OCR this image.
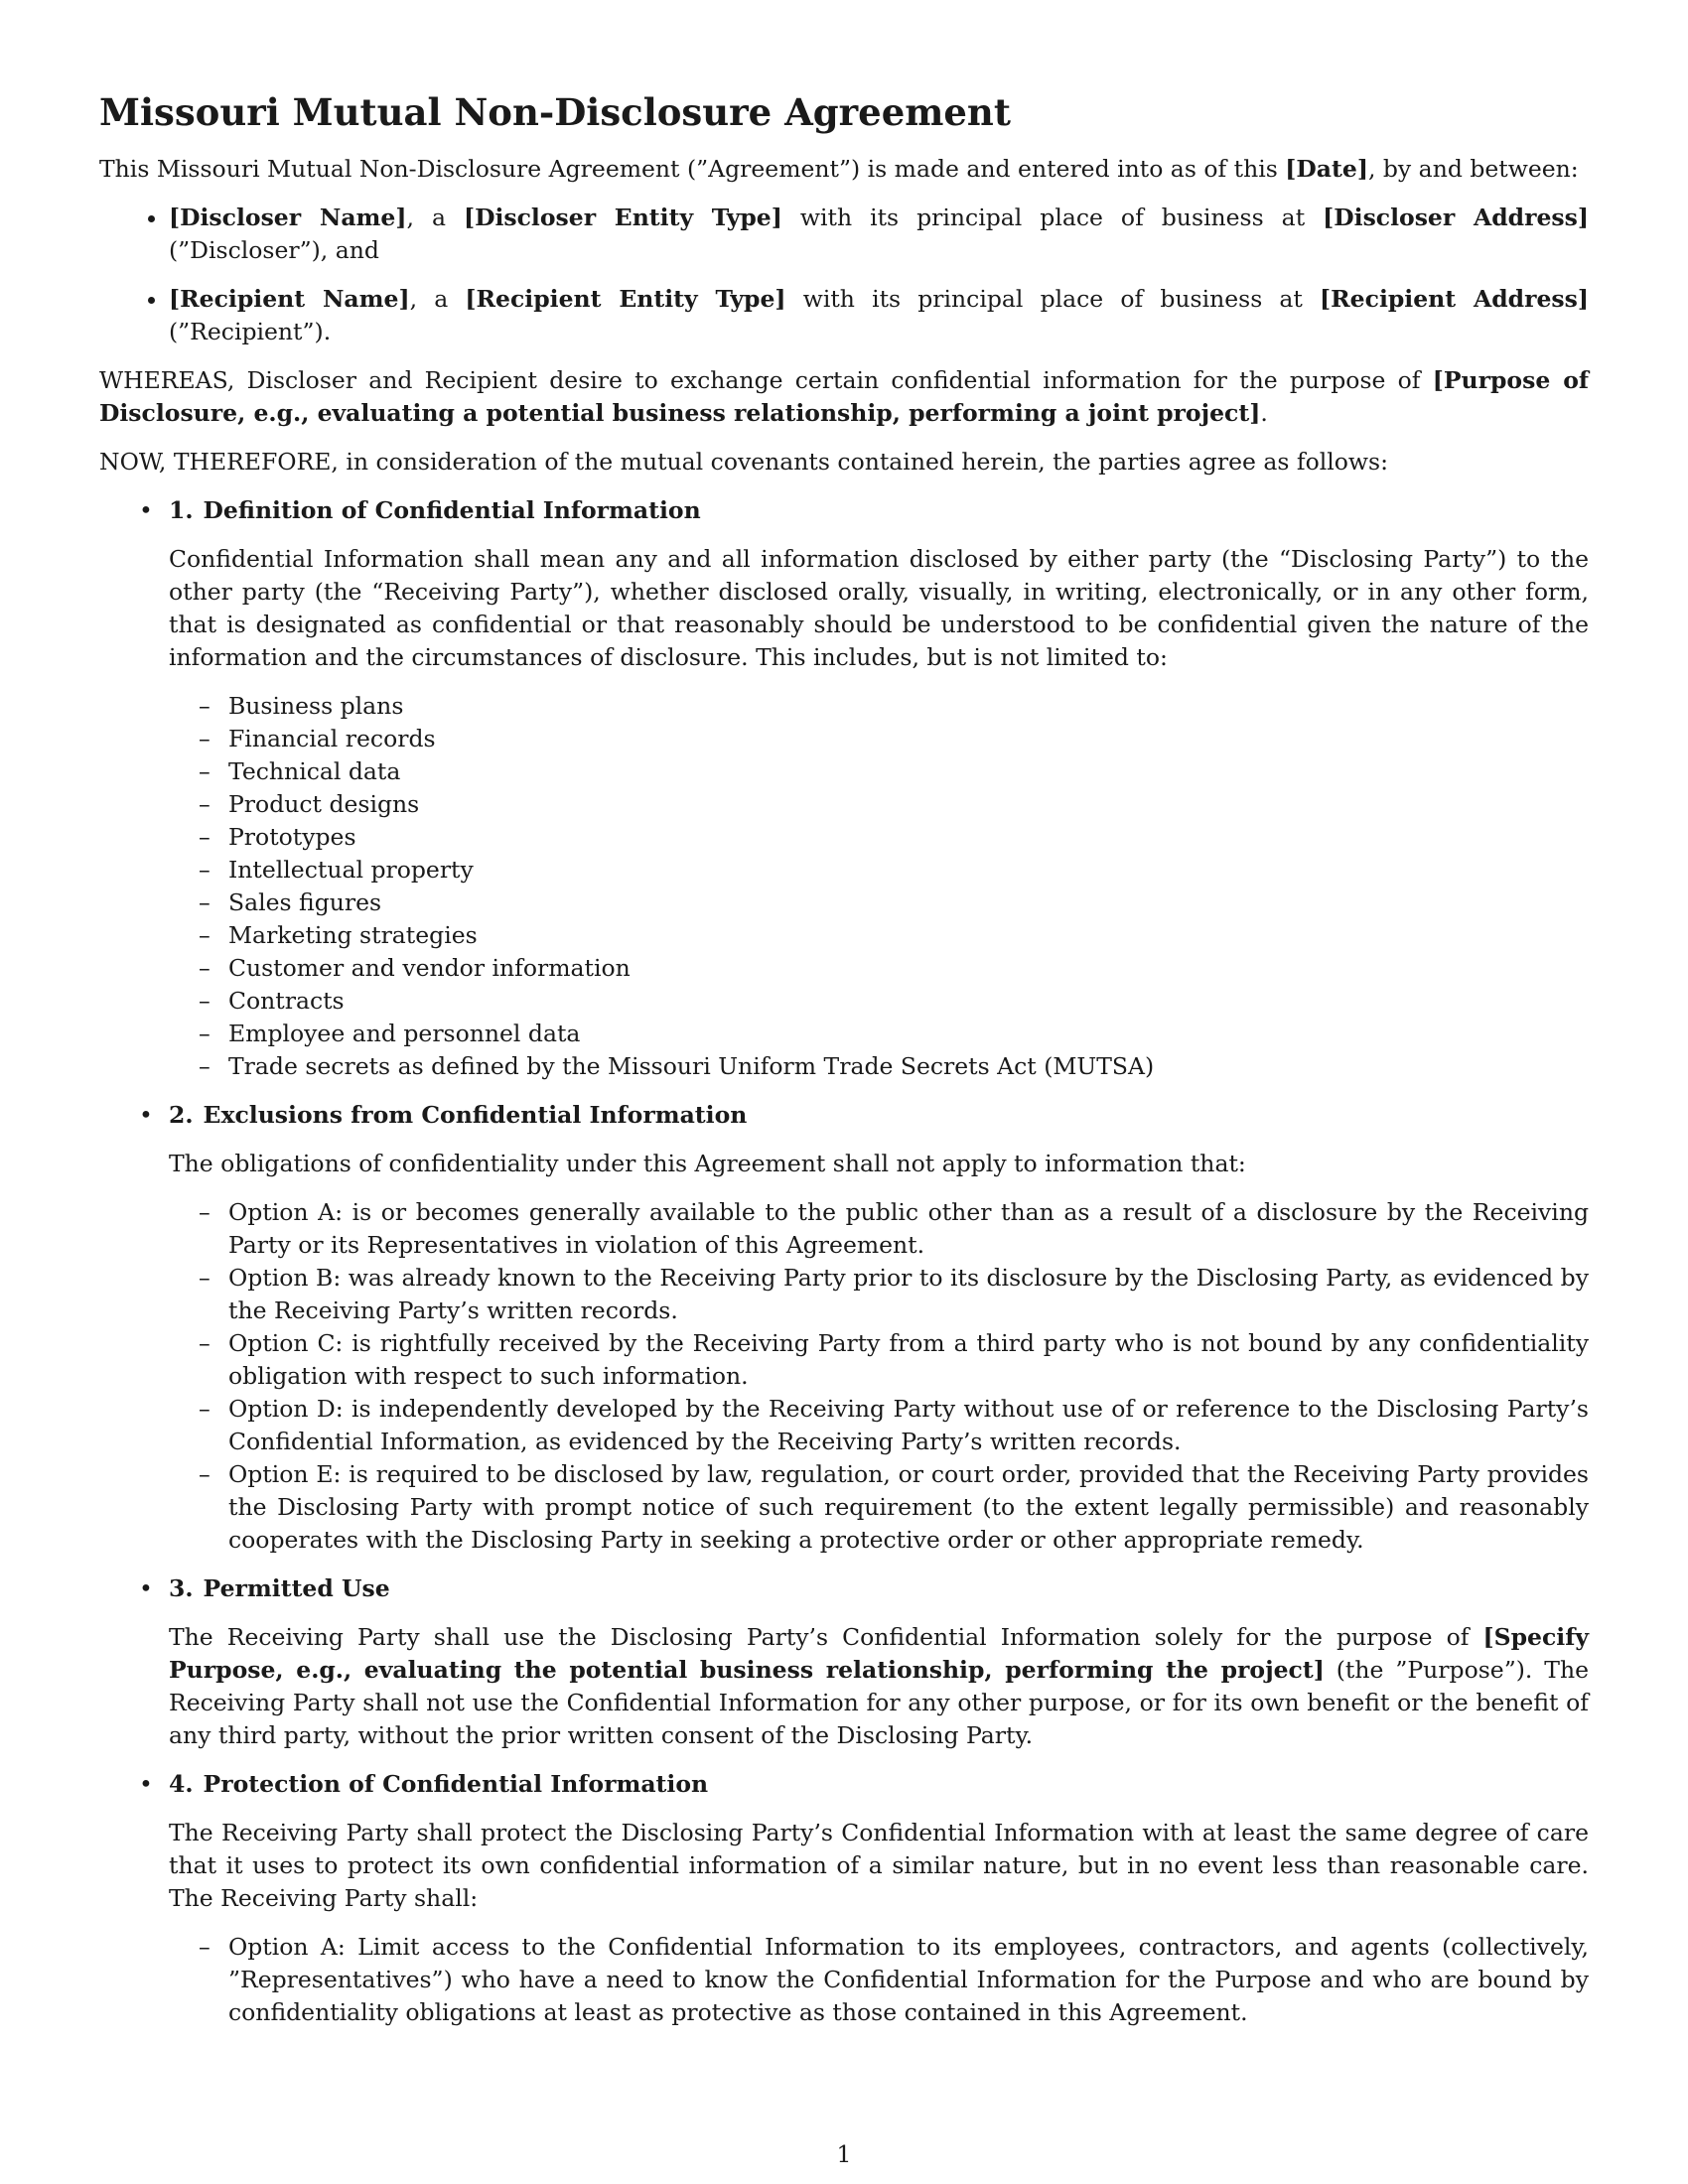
Missouri Mutual Non-Disclosure Agreement

This Missouri Mutual Non-Disclosure Agreement (”Agreement”) is made and entered into as of this [Date], by and between:

• [Discloser Name], a [Discloser Entity Type] with its principal place of business at [Discloser Address] (”Discloser”), and
• [Recipient Name], a [Recipient Entity Type] with its principal place of business at [Recipient Address] (”Recipient”).

WHEREAS, Discloser and Recipient desire to exchange certain confidential information for the purpose of [Purpose of Disclosure, e.g., evaluating a potential business relationship, performing a joint project].

NOW, THEREFORE, in consideration of the mutual covenants contained herein, the parties agree as follows:

• 1. Definition of Confidential Information

Confidential Information shall mean any and all information disclosed by either party (the “Disclosing Party”) to the other party (the “Receiving Party”), whether disclosed orally, visually, in writing, electronically, or in any other form, that is designated as confidential or that reasonably should be understood to be confidential given the nature of the information and the circumstances of disclosure. This includes, but is not limited to:

– Business plans
– Financial records
– Technical data
– Product designs
– Prototypes
– Intellectual property
– Sales figures
– Marketing strategies
– Customer and vendor information
– Contracts
– Employee and personnel data
– Trade secrets as defined by the Missouri Uniform Trade Secrets Act (MUTSA)
• 2. Exclusions from Confidential Information

The obligations of confidentiality under this Agreement shall not apply to information that:

– Option A: is or becomes generally available to the public other than as a result of a disclosure by the Receiving Party or its Representatives in violation of this Agreement.
– Option B: was already known to the Receiving Party prior to its disclosure by the Disclosing Party, as evidenced by the Receiving Party’s written records.
– Option C: is rightfully received by the Receiving Party from a third party who is not bound by any confidentiality obligation with respect to such information.
– Option D: is independently developed by the Receiving Party without use of or reference to the Disclosing Party’s Confidential Information, as evidenced by the Receiving Party’s written records.
– Option E: is required to be disclosed by law, regulation, or court order, provided that the Receiving Party provides the Disclosing Party with prompt notice of such requirement (to the extent legally permissible) and reasonably cooperates with the Disclosing Party in seeking a protective order or other appropriate remedy.
• 3. Permitted Use

The Receiving Party shall use the Disclosing Party’s Confidential Information solely for the purpose of [Specify Purpose, e.g., evaluating the potential business relationship, performing the project] (the ”Purpose”). The Receiving Party shall not use the Confidential Information for any other purpose, or for its own benefit or the benefit of any third party, without the prior written consent of the Disclosing Party.

• 4. Protection of Confidential Information

The Receiving Party shall protect the Disclosing Party’s Confidential Information with at least the same degree of care that it uses to protect its own confidential information of a similar nature, but in no event less than reasonable care. The Receiving Party shall:

– Option A: Limit access to the Confidential Information to its employees, contractors, and agents (collectively, ”Representatives”) who have a need to know the Confidential Information for the Purpose and who are bound by confidentiality obligations at least as protective as those contained in this Agreement.
1
